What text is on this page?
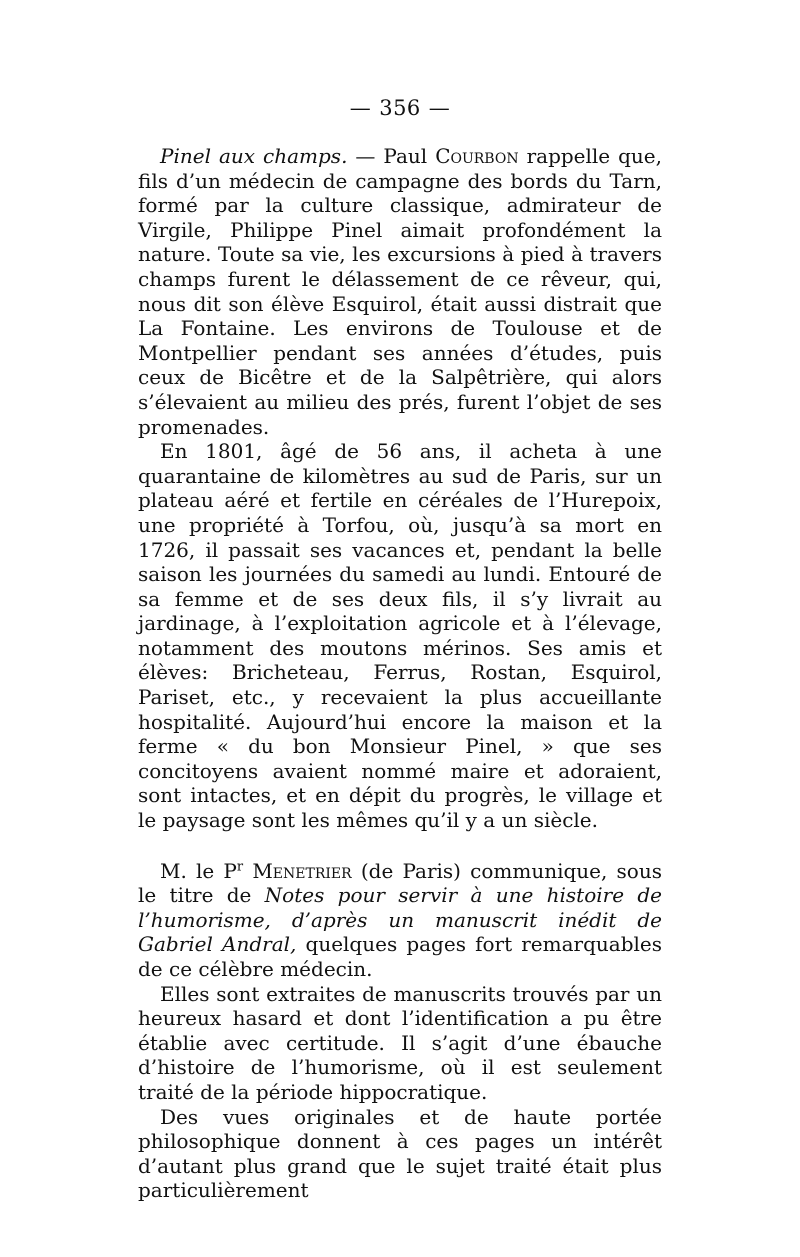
— 356 —

Pinel aux champs. — Paul Courbon rappelle que, fils d’un médecin de campagne des bords du Tarn, formé par la culture classique, admirateur de Virgile, Philippe Pinel aimait profondément la nature. Toute sa vie, les excursions à pied à travers champs furent le délassement de ce rêveur, qui, nous dit son élève Esquirol, était aussi distrait que La Fontaine. Les environs de Toulouse et de Montpellier pendant ses années d’études, puis ceux de Bicêtre et de la Salpêtrière, qui alors s’élevaient au milieu des prés, furent l’objet de ses promenades.

En 1801, âgé de 56 ans, il acheta à une quarantaine de kilomètres au sud de Paris, sur un plateau aéré et fertile en céréales de l’Hurepoix, une propriété à Torfou, où, jusqu’à sa mort en 1726, il passait ses vacances et, pendant la belle saison les journées du samedi au lundi. Entouré de sa femme et de ses deux fils, il s’y livrait au jardinage, à l’exploitation agricole et à l’élevage, notamment des moutons mérinos. Ses amis et élèves: Bricheteau, Ferrus, Rostan, Esquirol, Pariset, etc., y recevaient la plus accueillante hospitalité. Aujourd’hui encore la maison et la ferme « du bon Monsieur Pinel, » que ses concitoyens avaient nommé maire et adoraient, sont intactes, et en dépit du progrès, le village et le paysage sont les mêmes qu’il y a un siècle.

M. le $P^r$ Menetrier (de Paris) communique, sous le titre de Notes pour servir à une histoire de l’humorisme, d’après un manuscrit inédit de Gabriel Andral, quelques pages fort remarquables de ce célèbre médecin.

Elles sont extraites de manuscrits trouvés par un heureux hasard et dont l’identification a pu être établie avec certitude. Il s’agit d’une ébauche d’histoire de l’humorisme, où il est seulement traité de la période hippocratique.

Des vues originales et de haute portée philosophique donnent à ces pages un intérêt d’autant plus grand que le sujet traité était plus particulièrement
